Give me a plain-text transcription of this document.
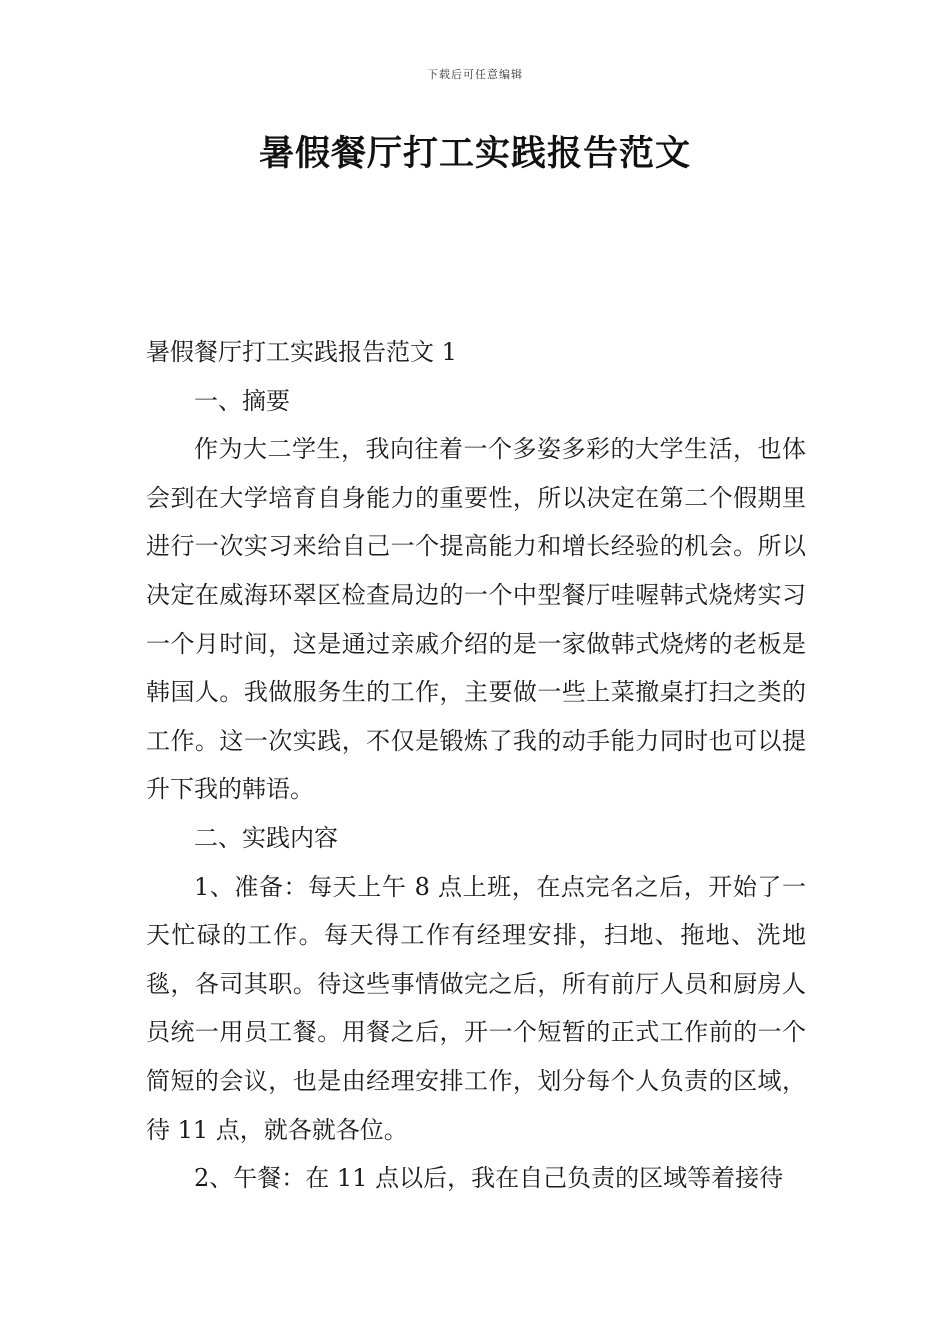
下载后可任意编辑
暑假餐厅打工实践报告范文

暑假餐厅打工实践报告范文 1

一、摘要

作为大二学生，我向往着一个多姿多彩的大学生活，也体会到在大学培育自身能力的重要性，所以决定在第二个假期里进行一次实习来给自己一个提高能力和增长经验的机会。所以决定在威海环翠区检查局边的一个中型餐厅哇喔韩式烧烤实习一个月时间，这是通过亲戚介绍的是一家做韩式烧烤的老板是韩国人。我做服务生的工作，主要做一些上菜撤桌打扫之类的工作。这一次实践，不仅是锻炼了我的动手能力同时也可以提升下我的韩语。

二、实践内容

1、准备：每天上午 8 点上班，在点完名之后，开始了一天忙碌的工作。每天得工作有经理安排，扫地、拖地、洗地毯，各司其职。待这些事情做完之后，所有前厅人员和厨房人员统一用员工餐。用餐之后，开一个短暂的正式工作前的一个简短的会议，也是由经理安排工作，划分每个人负责的区域，待 11 点，就各就各位。

2、午餐：在 11 点以后，我在自己负责的区域等着接待
